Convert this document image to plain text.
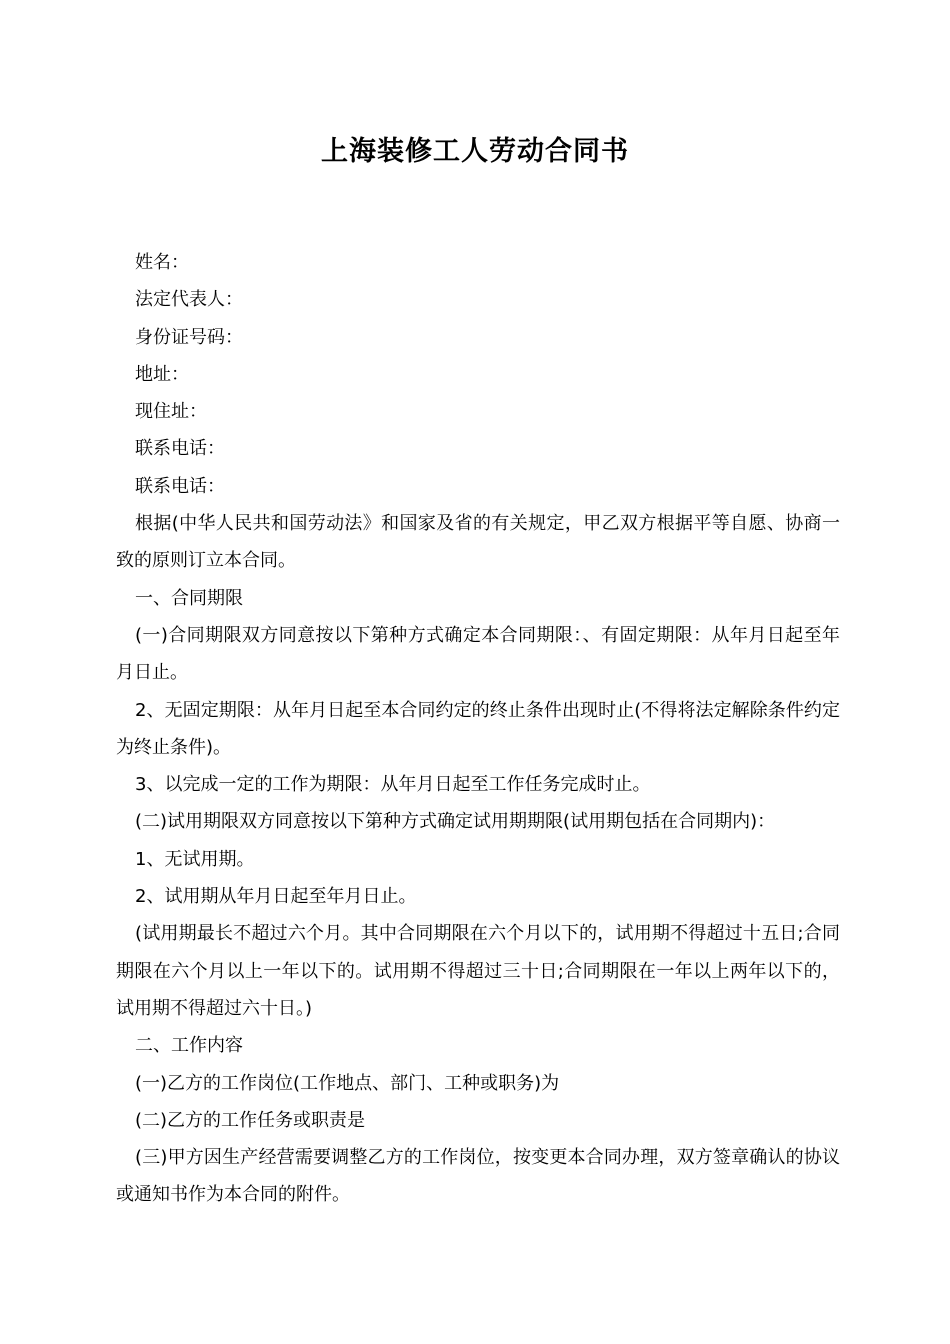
上海装修工人劳动合同书

姓名：

法定代表人：

身份证号码：

地址：

现住址：

联系电话：

联系电话：

根据(中华人民共和国劳动法》和国家及省的有关规定，甲乙双方根据平等自愿、协商一致的原则订立本合同。

一、合同期限

(一)合同期限双方同意按以下第种方式确定本合同期限：、有固定期限：从年月日起至年月日止。

2、无固定期限：从年月日起至本合同约定的终止条件出现时止(不得将法定解除条件约定为终止条件)。

3、以完成一定的工作为期限：从年月日起至工作任务完成时止。

(二)试用期限双方同意按以下第种方式确定试用期期限(试用期包括在合同期内)：

1、无试用期。

2、试用期从年月日起至年月日止。

(试用期最长不超过六个月。其中合同期限在六个月以下的，试用期不得超过十五日;合同期限在六个月以上一年以下的。试用期不得超过三十日;合同期限在一年以上两年以下的，试用期不得超过六十日。)

二、工作内容

(一)乙方的工作岗位(工作地点、部门、工种或职务)为

(二)乙方的工作任务或职责是

(三)甲方因生产经营需要调整乙方的工作岗位，按变更本合同办理，双方签章确认的协议或通知书作为本合同的附件。
